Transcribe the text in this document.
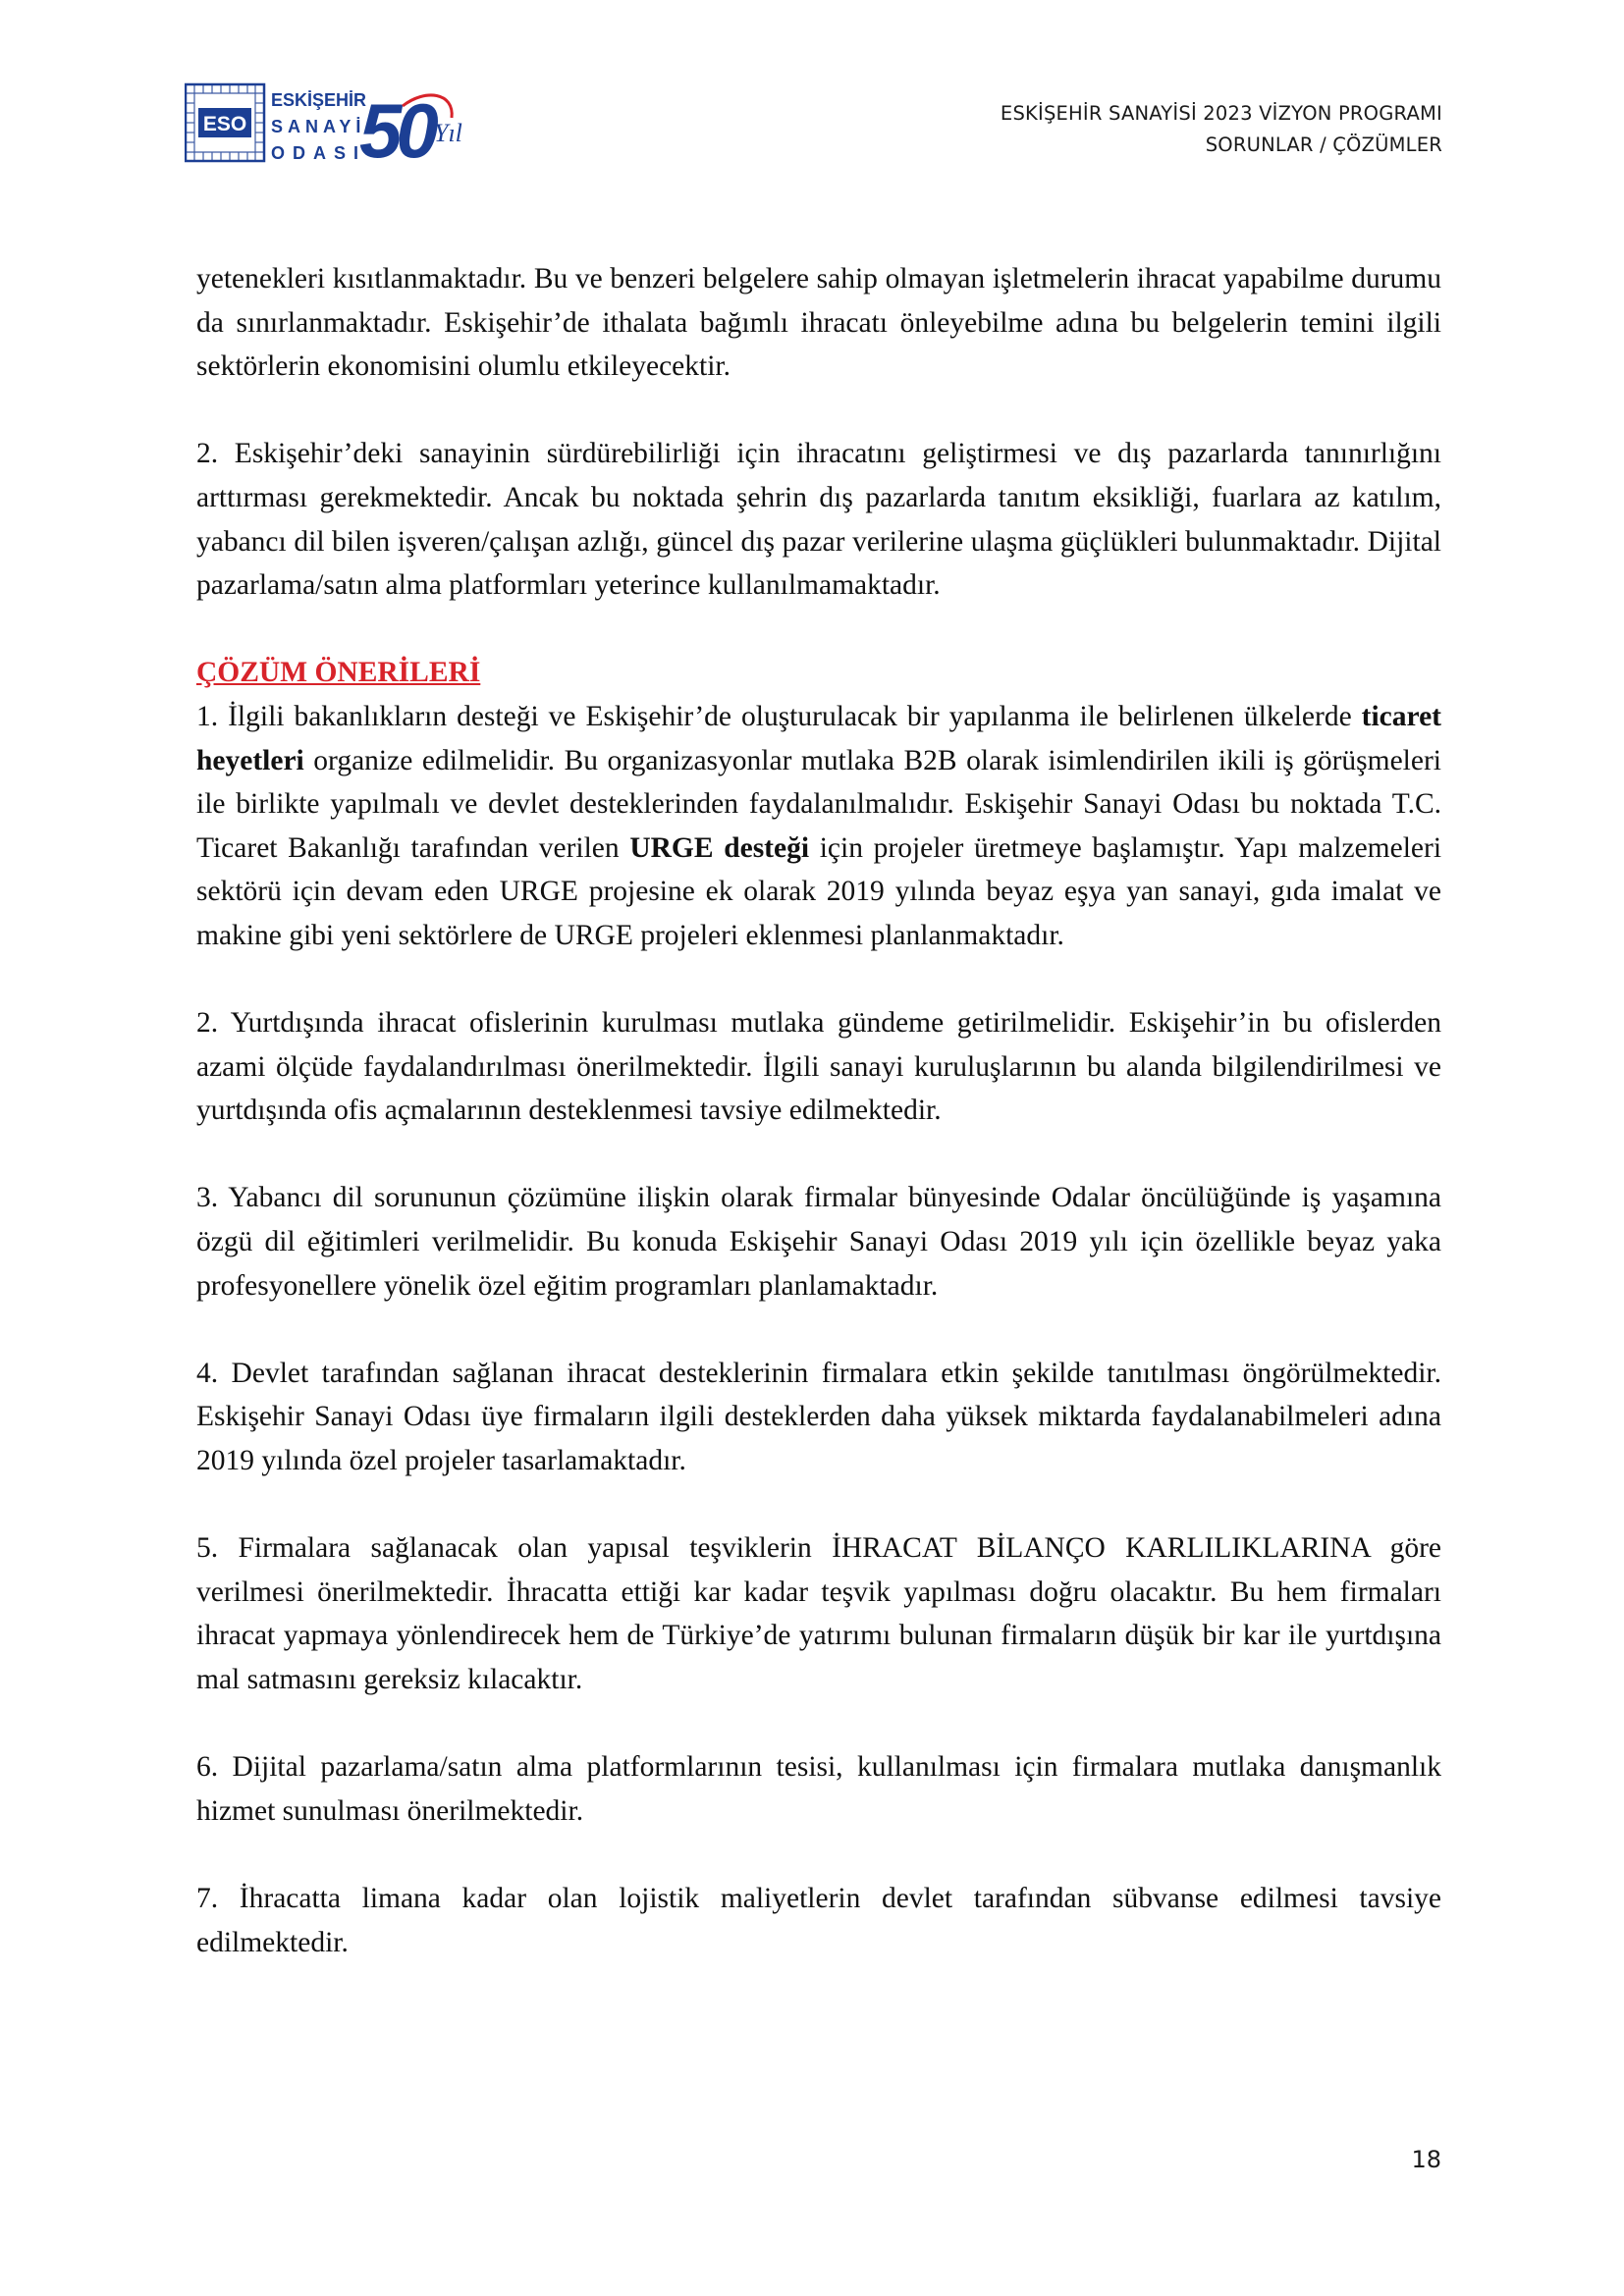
ESO
ESKİŞEHİR
SANAYİ
ODASI
50 Yıl
ESKİŞEHİR SANAYİSİ 2023 VİZYON PROGRAMI
SORUNLAR / ÇÖZÜMLER

yetenekleri kısıtlanmaktadır. Bu ve benzeri belgelere sahip olmayan işletmelerin ihracat yapabilme durumu da sınırlanmaktadır. Eskişehir’de ithalata bağımlı ihracatı önleyebilme adına bu belgelerin temini ilgili sektörlerin ekonomisini olumlu etkileyecektir.

2. Eskişehir’deki sanayinin sürdürebilirliği için ihracatını geliştirmesi ve dış pazarlarda tanınırlığını arttırması gerekmektedir. Ancak bu noktada şehrin dış pazarlarda tanıtım eksikliği, fuarlara az katılım, yabancı dil bilen işveren/çalışan azlığı, güncel dış pazar verilerine ulaşma güçlükleri bulunmaktadır. Dijital pazarlama/satın alma platformları yeterince kullanılmamaktadır.

ÇÖZÜM ÖNERİLERİ

1. İlgili bakanlıkların desteği ve Eskişehir’de oluşturulacak bir yapılanma ile belirlenen ülkelerde ticaret heyetleri organize edilmelidir. Bu organizasyonlar mutlaka B2B olarak isimlendirilen ikili iş görüşmeleri ile birlikte yapılmalı ve devlet desteklerinden faydalanılmalıdır. Eskişehir Sanayi Odası bu noktada T.C. Ticaret Bakanlığı tarafından verilen URGE desteği için projeler üretmeye başlamıştır. Yapı malzemeleri sektörü için devam eden URGE projesine ek olarak 2019 yılında beyaz eşya yan sanayi, gıda imalat ve makine gibi yeni sektörlere de URGE projeleri eklenmesi planlanmaktadır.

2. Yurtdışında ihracat ofislerinin kurulması mutlaka gündeme getirilmelidir. Eskişehir’in bu ofislerden azami ölçüde faydalandırılması önerilmektedir. İlgili sanayi kuruluşlarının bu alanda bilgilendirilmesi ve yurtdışında ofis açmalarının desteklenmesi tavsiye edilmektedir.

3. Yabancı dil sorununun çözümüne ilişkin olarak firmalar bünyesinde Odalar öncülüğünde iş yaşamına özgü dil eğitimleri verilmelidir. Bu konuda Eskişehir Sanayi Odası 2019 yılı için özellikle beyaz yaka profesyonellere yönelik özel eğitim programları planlamaktadır.

4. Devlet tarafından sağlanan ihracat desteklerinin firmalara etkin şekilde tanıtılması öngörülmektedir. Eskişehir Sanayi Odası üye firmaların ilgili desteklerden daha yüksek miktarda faydalanabilmeleri adına 2019 yılında özel projeler tasarlamaktadır.

5. Firmalara sağlanacak olan yapısal teşviklerin İHRACAT BİLANÇO KARLILIKLARINA göre verilmesi önerilmektedir. İhracatta ettiği kar kadar teşvik yapılması doğru olacaktır. Bu hem firmaları ihracat yapmaya yönlendirecek hem de Türkiye’de yatırımı bulunan firmaların düşük bir kar ile yurtdışına mal satmasını gereksiz kılacaktır.

6. Dijital pazarlama/satın alma platformlarının tesisi, kullanılması için firmalara mutlaka danışmanlık hizmet sunulması önerilmektedir.

7. İhracatta limana kadar olan lojistik maliyetlerin devlet tarafından sübvanse edilmesi tavsiye edilmektedir.

18
